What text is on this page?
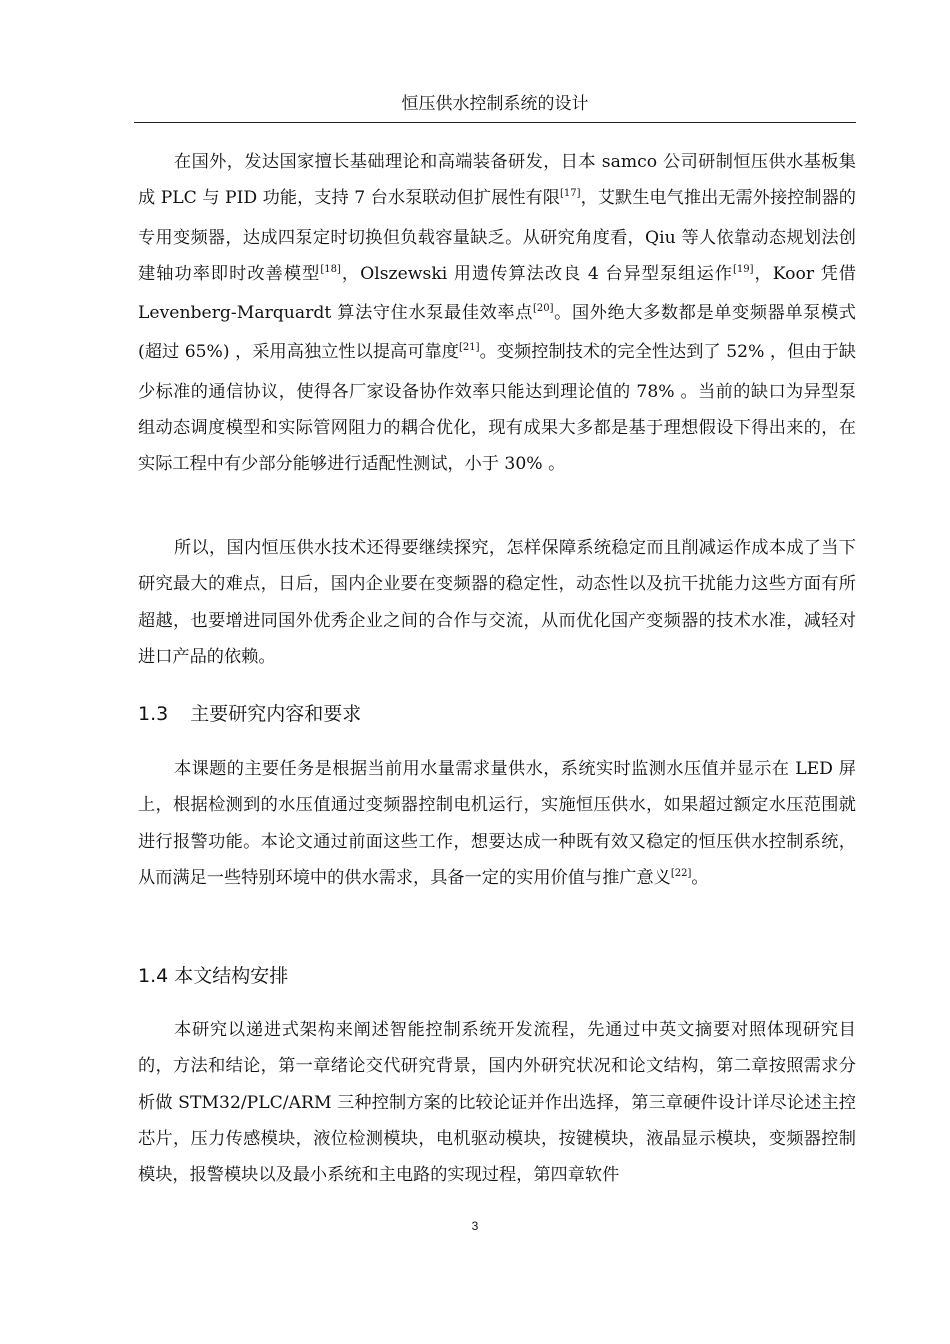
恒压供水控制系统的设计

在国外，发达国家擅长基础理论和高端装备研发，日本 samco 公司研制恒压供水基板集成 PLC 与 PID 功能，支持 7 台水泵联动但扩展性有限[17]，艾默生电气推出无需外接控制器的专用变频器，达成四泵定时切换但负载容量缺乏。从研究角度看，Qiu 等人依靠动态规划法创建轴功率即时改善模型[18]，Olszewski 用遗传算法改良 4 台异型泵组运作[19]，Koor 凭借 Levenberg-Marquardt 算法守住水泵最佳效率点[20]。国外绝大多数都是单变频器单泵模式(超过 65%) ，采用高独立性以提高可靠度[21]。变频控制技术的完全性达到了 52% ，但由于缺少标准的通信协议，使得各厂家设备协作效率只能达到理论值的 78% 。当前的缺口为异型泵组动态调度模型和实际管网阻力的耦合优化，现有成果大多都是基于理想假设下得出来的，在实际工程中有少部分能够进行适配性测试，小于 30% 。

所以，国内恒压供水技术还得要继续探究，怎样保障系统稳定而且削减运作成本成了当下研究最大的难点，日后，国内企业要在变频器的稳定性，动态性以及抗干扰能力这些方面有所超越，也要增进同国外优秀企业之间的合作与交流，从而优化国产变频器的技术水准，减轻对进口产品的依赖。

1.3 主要研究内容和要求

本课题的主要任务是根据当前用水量需求量供水，系统实时监测水压值并显示在 LED 屏上，根据检测到的水压值通过变频器控制电机运行，实施恒压供水，如果超过额定水压范围就进行报警功能。本论文通过前面这些工作，想要达成一种既有效又稳定的恒压供水控制系统，从而满足一些特别环境中的供水需求，具备一定的实用价值与推广意义[22]。

1.4 本文结构安排

本研究以递进式架构来阐述智能控制系统开发流程，先通过中英文摘要对照体现研究目的，方法和结论，第一章绪论交代研究背景，国内外研究状况和论文结构，第二章按照需求分析做 STM32/PLC/ARM 三种控制方案的比较论证并作出选择，第三章硬件设计详尽论述主控芯片，压力传感模块，液位检测模块，电机驱动模块，按键模块，液晶显示模块，变频器控制模块，报警模块以及最小系统和主电路的实现过程，第四章软件

3
